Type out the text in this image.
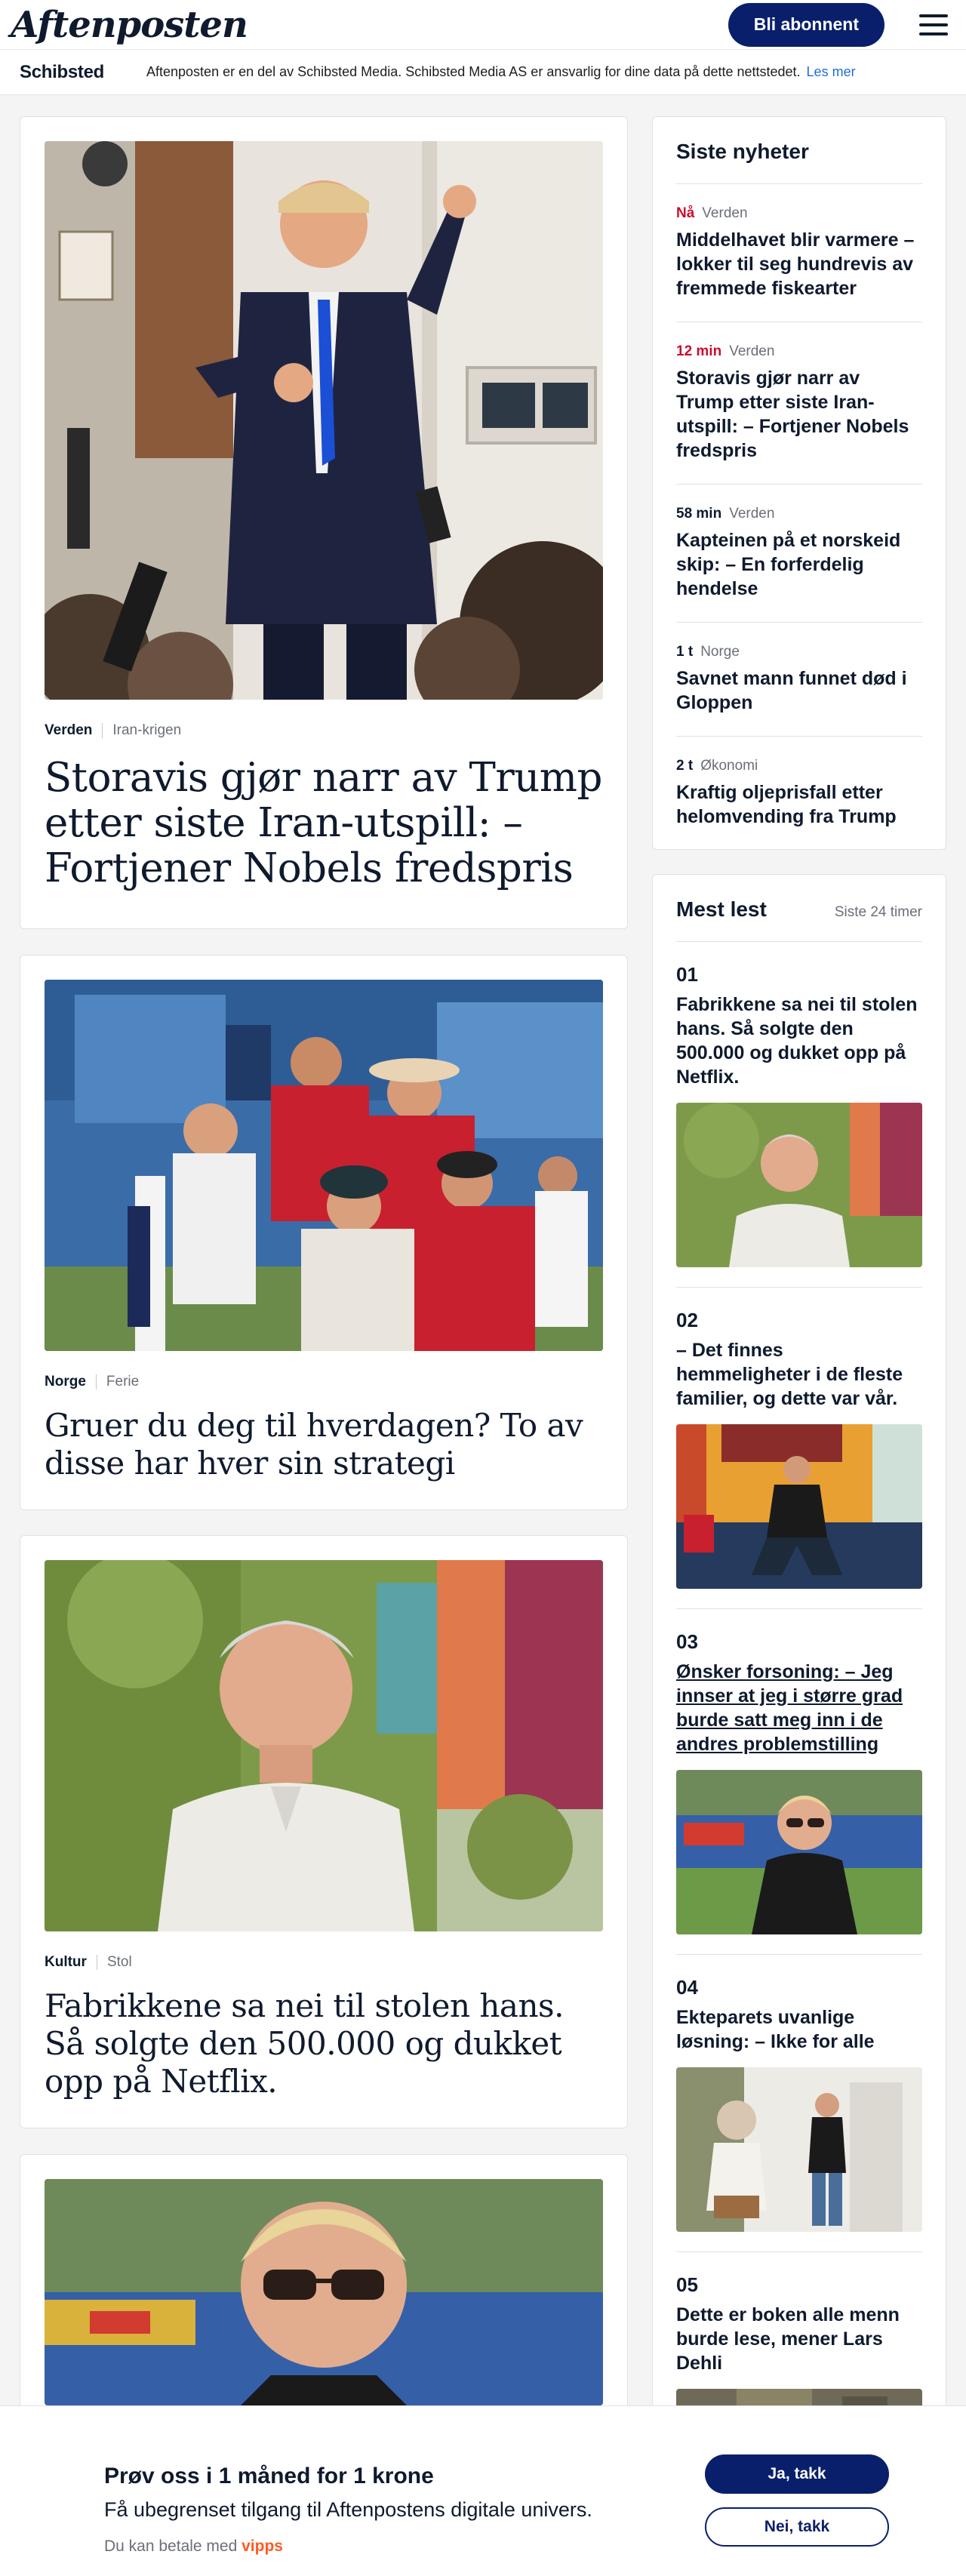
Aftenposten	Bli abonnent
Schibsted	Aftenposten er en del av Schibsted Media. Schibsted Media AS er ansvarlig for dine data på dette nettstedet. Les mer
Verden Iran-krigen
Storavis gjør narr av Trump etter siste Iran-utspill: – Fortjener Nobels fredspris
Norge Ferie
Gruer du deg til hverdagen? To av disse har hver sin strategi
Kultur Stol
Fabrikkene sa nei til stolen hans. Så solgte den 500.000 og dukket opp på Netflix.
Siste nyheter
Nå Verden
Middelhavet blir varmere – lokker til seg hundrevis av fremmede fiskearter
12 min Verden
Storavis gjør narr av Trump etter siste Iran-utspill: – Fortjener Nobels fredspris
58 min Verden
Kapteinen på et norskeid skip: – En forferdelig hendelse
1 t Norge
Savnet mann funnet død i Gloppen
2 t Økonomi
Kraftig oljeprisfall etter helomvending fra Trump
Mest lest	Siste 24 timer
01
Fabrikkene sa nei til stolen hans. Så solgte den 500.000 og dukket opp på Netflix.
02
– Det finnes hemmeligheter i de fleste familier, og dette var vår.
03
Ønsker forsoning: – Jeg innser at jeg i større grad burde satt meg inn i de andres problemstilling
04
Ekteparets uvanlige løsning: – Ikke for alle
05
Dette er boken alle menn burde lese, mener Lars Dehli
Prøv oss i 1 måned for 1 krone
Få ubegrenset tilgang til Aftenpostens digitale univers.
Du kan betale med vipps
Ja, takk
Nei, takk
